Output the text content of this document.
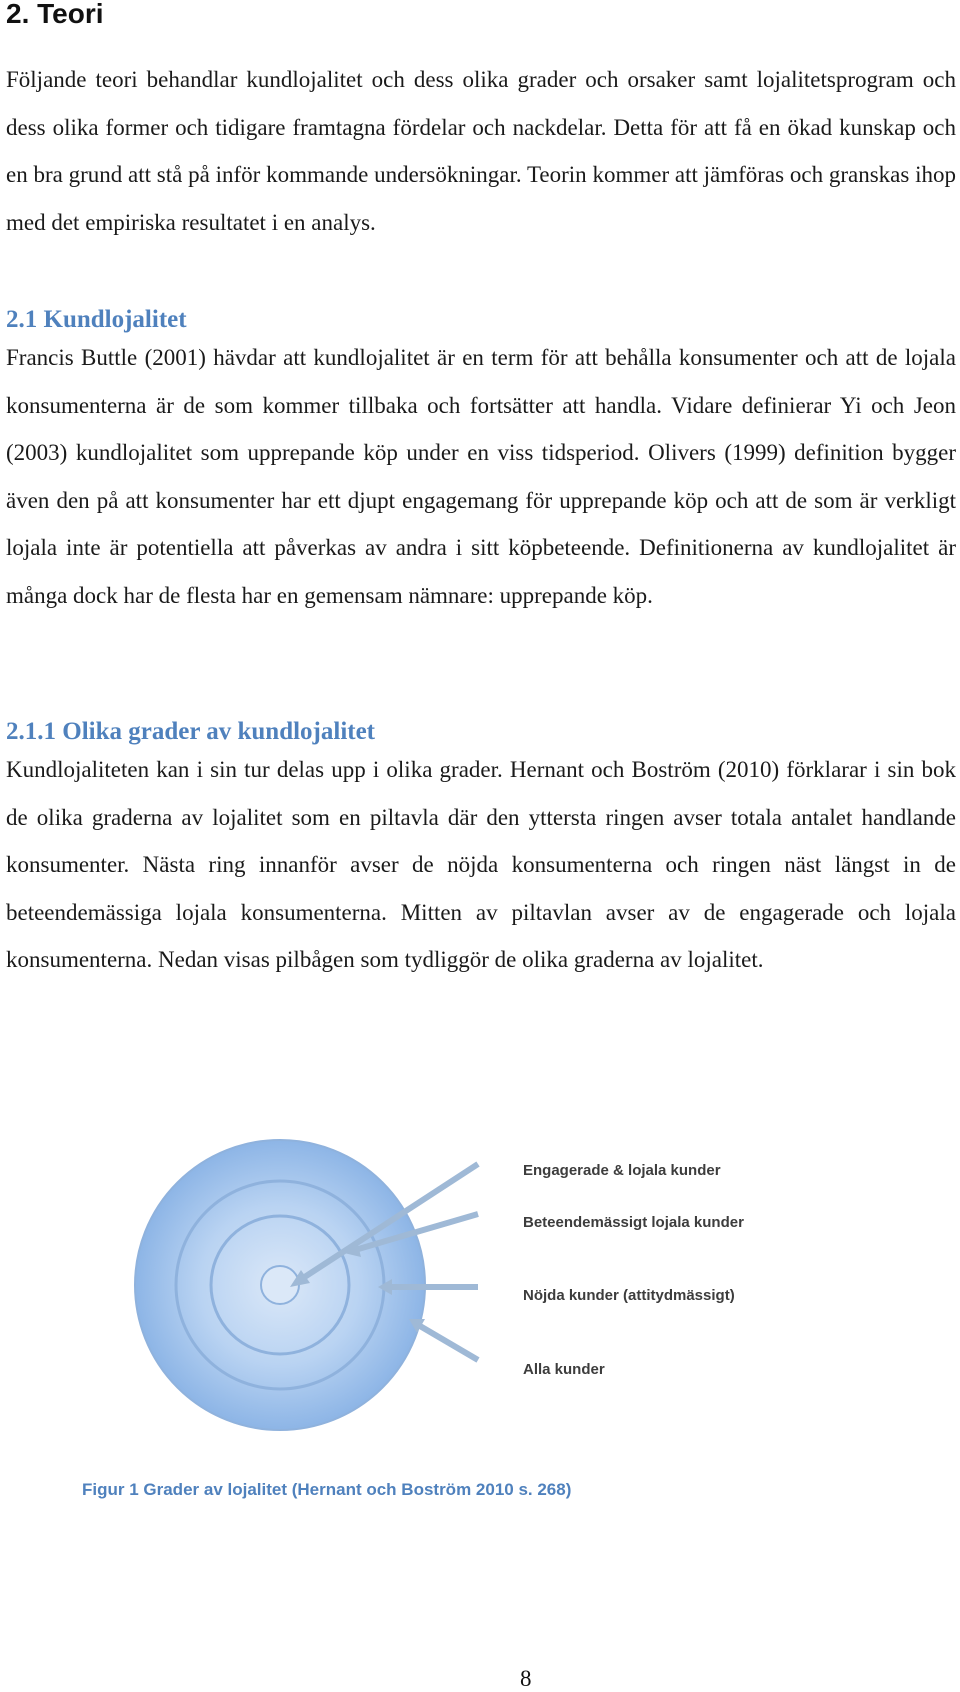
2. Teori

Följande teori behandlar kundlojalitet och dess olika grader och orsaker samt lojalitetsprogram och dess olika former och tidigare framtagna fördelar och nackdelar. Detta för att få en ökad kunskap och en bra grund att stå på inför kommande undersökningar. Teorin kommer att jämföras och granskas ihop med det empiriska resultatet i en analys.

2.1 Kundlojalitet

Francis Buttle (2001) hävdar att kundlojalitet är en term för att behålla konsumenter och att de lojala konsumenterna är de som kommer tillbaka och fortsätter att handla. Vidare definierar Yi och Jeon (2003) kundlojalitet som upprepande köp under en viss tidsperiod. Olivers (1999) definition bygger även den på att konsumenter har ett djupt engagemang för upprepande köp och att de som är verkligt lojala inte är potentiella att påverkas av andra i sitt köpbeteende. Definitionerna av kundlojalitet är många dock har de flesta har en gemensam nämnare: upprepande köp.

2.1.1 Olika grader av kundlojalitet

Kundlojaliteten kan i sin tur delas upp i olika grader. Hernant och Boström (2010) förklarar i sin bok de olika graderna av lojalitet som en piltavla där den yttersta ringen avser totala antalet handlande konsumenter. Nästa ring innanför avser de nöjda konsumenterna och ringen näst längst in de beteendemässiga lojala konsumenterna. Mitten av piltavlan avser av de engagerade och lojala konsumenterna. Nedan visas pilbågen som tydliggör de olika graderna av lojalitet.

Engagerade & lojala kunder
Beteendemässigt lojala kunder
Nöjda kunder (attitydmässigt)
Alla kunder

Figur 1 Grader av lojalitet (Hernant och Boström 2010 s. 268)

8
